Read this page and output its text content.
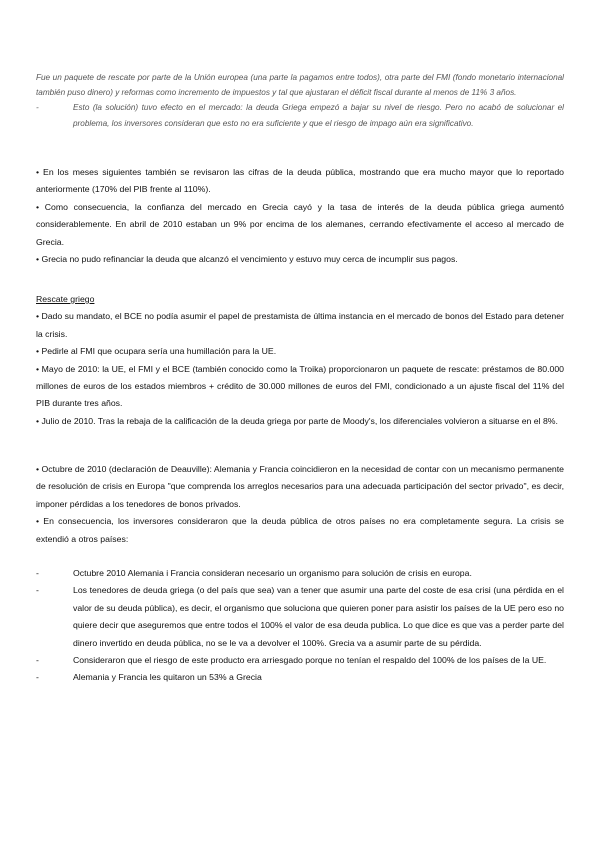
Fue un paquete de rescate por parte de la Unión europea (una parte la pagamos entre todos), otra parte del FMI (fondo monetario internacional también puso dinero) y reformas como incremento de impuestos y tal que ajustaran el déficit fiscal durante al menos de 11% 3 años.

-	Esto (la solución) tuvo efecto en el mercado: la deuda Griega empezó a bajar su nivel de riesgo. Pero no acabó de solucionar el problema, los inversores consideran que esto no era suficiente y que el riesgo de impago aún era significativo.

• En los meses siguientes también se revisaron las cifras de la deuda pública, mostrando que era mucho mayor que lo reportado anteriormente (170% del PIB frente al 110%).

• Como consecuencia, la confianza del mercado en Grecia cayó y la tasa de interés de la deuda pública griega aumentó considerablemente. En abril de 2010 estaban un 9% por encima de los alemanes, cerrando efectivamente el acceso al mercado de Grecia.

• Grecia no pudo refinanciar la deuda que alcanzó el vencimiento y estuvo muy cerca de incumplir sus pagos.

Rescate griego

• Dado su mandato, el BCE no podía asumir el papel de prestamista de última instancia en el mercado de bonos del Estado para detener la crisis.

• Pedirle al FMI que ocupara sería una humillación para la UE.

• Mayo de 2010: la UE, el FMI y el BCE (también conocido como la Troika) proporcionaron un paquete de rescate: préstamos de 80.000 millones de euros de los estados miembros + crédito de 30.000 millones de euros del FMI, condicionado a un ajuste fiscal del 11% del PIB durante tres años.

• Julio de 2010. Tras la rebaja de la calificación de la deuda griega por parte de Moody's, los diferenciales volvieron a situarse en el 8%.

• Octubre de 2010 (declaración de Deauville): Alemania y Francia coincidieron en la necesidad de contar con un mecanismo permanente de resolución de crisis en Europa "que comprenda los arreglos necesarios para una adecuada participación del sector privado", es decir, imponer pérdidas a los tenedores de bonos privados.

• En consecuencia, los inversores consideraron que la deuda pública de otros países no era completamente segura. La crisis se extendió a otros países:

-	Octubre 2010 Alemania i Francia consideran necesario un organismo para solución de crisis en europa.

-	Los tenedores de deuda griega (o del país que sea) van a tener que asumir una parte del coste de esa crisi (una pérdida en el valor de su deuda pública), es decir, el organismo que soluciona que quieren poner para asistir los países de la UE pero eso no quiere decir que aseguremos que entre todos el 100% el valor de esa deuda publica. Lo que dice es que vas a perder parte del dinero invertido en deuda pública, no se le va a devolver el 100%. Grecia va a asumir parte de su pérdida.

-	Consideraron que el riesgo de este producto era arriesgado porque no tenían el respaldo del 100% de los países de la UE.

-	Alemania y Francia les quitaron un 53% a Grecia
